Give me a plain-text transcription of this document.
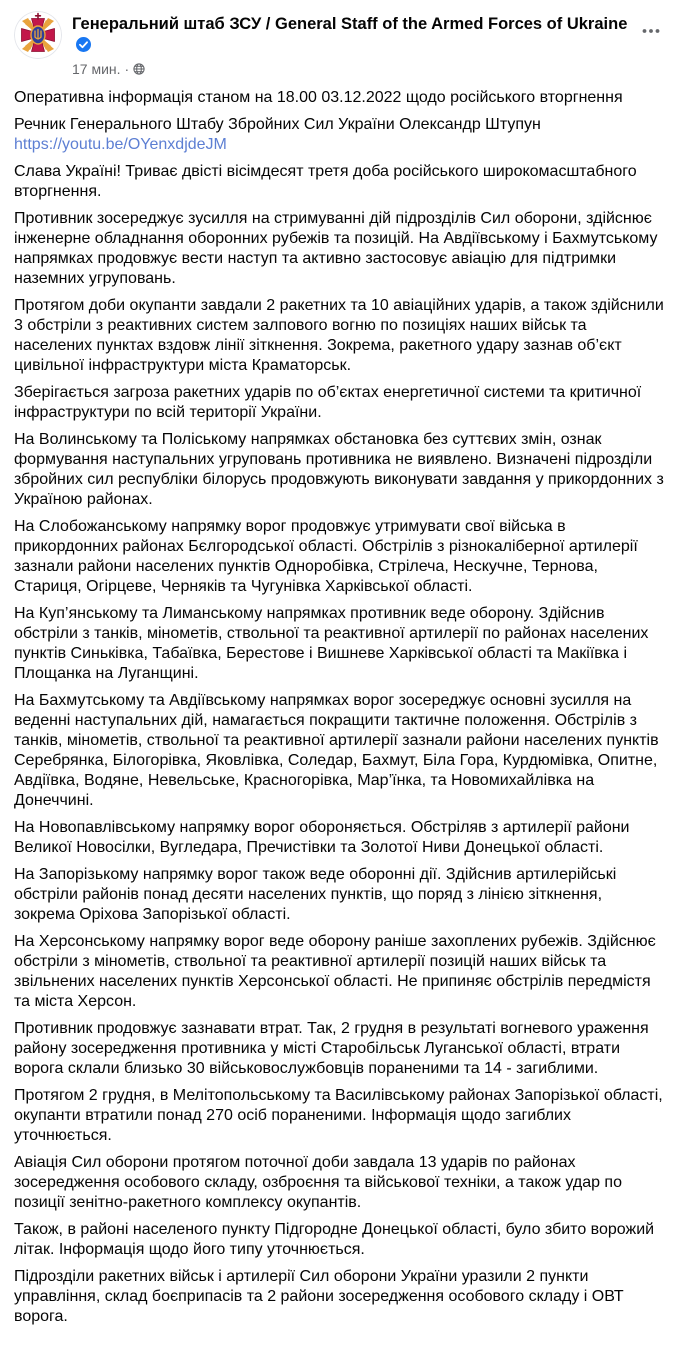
Генеральний штаб ЗСУ / General Staff of the Armed Forces of Ukraine
17 мин. ·

Оперативна інформація станом на 18.00 03.12.2022 щодо російського вторгнення

Речник Генерального Штабу Збройних Сил України Олександр Штупун

https://youtu.be/OYenxdjdeJM

Слава Україні! Триває двісті вісімдесят третя доба російського широкомасштабного вторгнення.

Противник зосереджує зусилля на стримуванні дій підрозділів Сил оборони, здійснює інженерне обладнання оборонних рубежів та позицій. На Авдіївському і Бахмутському напрямках продовжує вести наступ та активно застосовує авіацію для підтримки наземних угруповань.

Протягом доби окупанти завдали 2 ракетних та 10 авіаційних ударів, а також здійснили 3 обстріли з реактивних систем залпового вогню по позиціях наших військ та населених пунктах вздовж лінії зіткнення. Зокрема, ракетного удару зазнав об’єкт цивільної інфраструктури міста Краматорськ.

Зберігається загроза ракетних ударів по об’єктах енергетичної системи та критичної інфраструктури по всій території України.

На Волинському та Поліському напрямках обстановка без суттєвих змін, ознак формування наступальних угруповань противника не виявлено. Визначені підрозділи збройних сил республіки білорусь продовжують виконувати завдання у прикордонних з Україною районах.

На Слобожанському напрямку ворог продовжує утримувати свої війська в прикордонних районах Бєлгородської області. Обстрілів з різнокаліберної артилерії зазнали райони населених пунктів Одноробівка, Стрілеча, Нескучне, Тернова, Стариця, Огірцеве, Черняків та Чугунівка Харківської області.

На Куп’янському та Лиманському напрямках противник веде оборону. Здійснив обстріли з танків, мінометів, ствольної та реактивної артилерії по районах населених пунктів Синьківка, Табаївка, Берестове і Вишневе Харківської області та Макіївка і Площанка на Луганщині.

На Бахмутському та Авдіївському напрямках ворог зосереджує основні зусилля на веденні наступальних дій, намагається покращити тактичне положення. Обстрілів з танків, мінометів, ствольної та реактивної артилерії зазнали райони населених пунктів Серебрянка, Білогорівка, Яковлівка, Соледар, Бахмут, Біла Гора, Курдюмівка, Опитне, Авдіївка, Водяне, Невельське, Красногорівка, Мар’їнка, та Новомихайлівка на Донеччині.

На Новопавлівському напрямку ворог обороняється. Обстріляв з артилерії райони Великої Новосілки, Вугледара, Пречистівки та Золотої Ниви Донецької області.

На Запорізькому напрямку ворог також веде оборонні дії. Здійснив артилерійські обстріли районів понад десяти населених пунктів, що поряд з лінією зіткнення, зокрема Оріхова Запорізької області.

На Херсонському напрямку ворог веде оборону раніше захоплених рубежів. Здійснює обстріли з мінометів, ствольної та реактивної артилерії позицій наших військ та звільнених населених пунктів Херсонської області. Не припиняє обстрілів передмістя та міста Херсон.

Противник продовжує зазнавати втрат. Так, 2 грудня в результаті вогневого ураження району зосередження противника у місті Старобільськ Луганської області, втрати ворога склали близько 30 військовослужбовців пораненими та 14 - загиблими.

Протягом 2 грудня, в Мелітопольському та Василівському районах Запорізької області, окупанти втратили понад 270 осіб пораненими. Інформація щодо загиблих уточнюється.

Авіація Сил оборони протягом поточної доби завдала 13 ударів по районах зосередження особового складу, озброєння та військової техніки, а також удар по позиції зенітно-ракетного комплексу окупантів.

Також, в районі населеного пункту Підгородне Донецької області, було збито ворожий літак. Інформація щодо його типу уточнюється.

Підрозділи ракетних військ і артилерії Сил оборони України уразили 2 пункти управління, склад боєприпасів та 2 райони зосередження особового складу і ОВТ ворога.
